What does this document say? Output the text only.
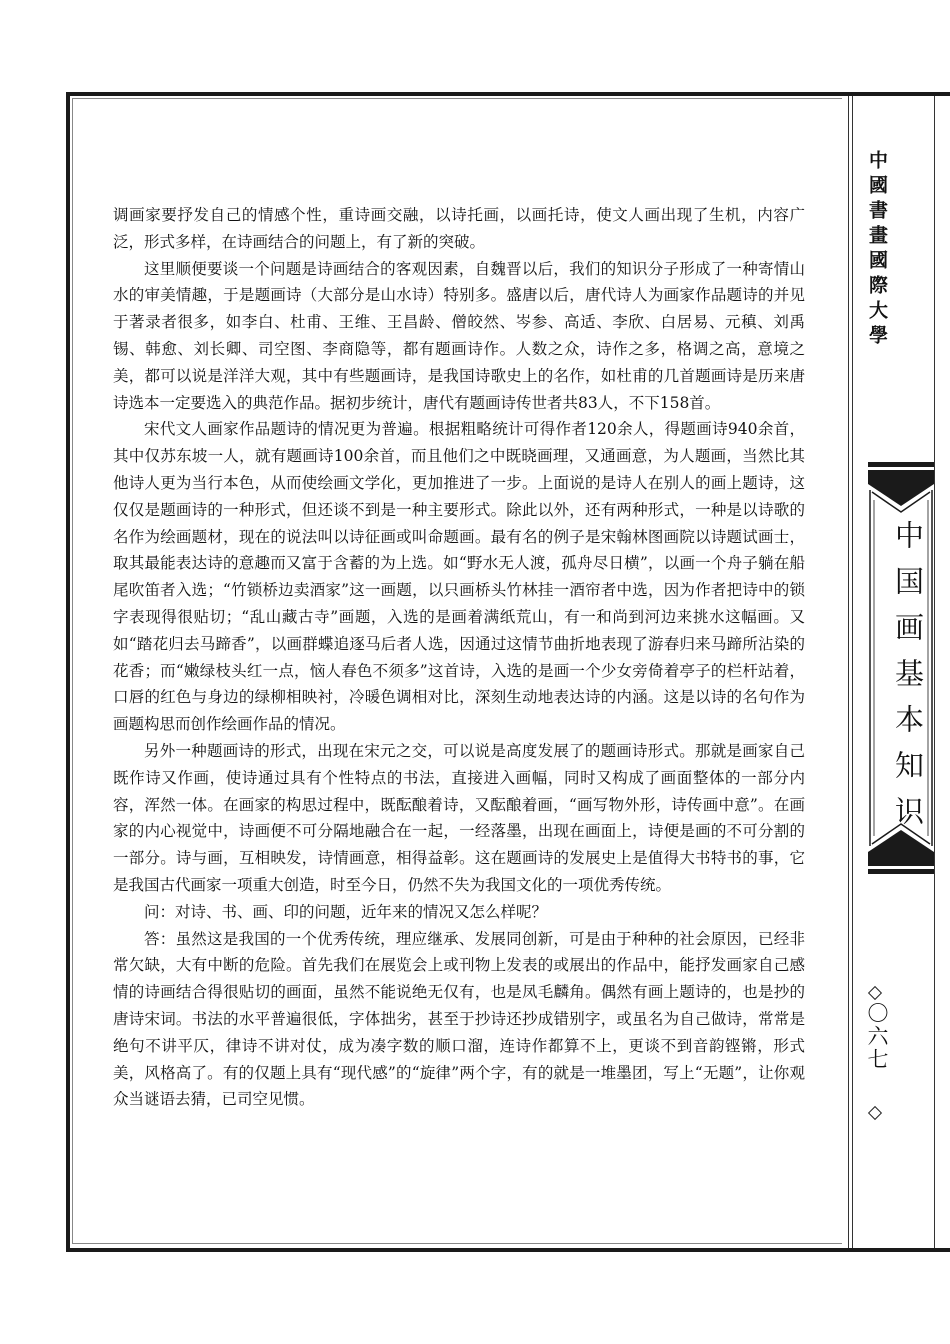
中國書畫國際大學
中国画基本知识
〇六七

调画家要抒发自己的情感个性，重诗画交融，以诗托画，以画托诗，使文人画出现了生机，内容广泛，形式多样，在诗画结合的问题上，有了新的突破。

这里顺便要谈一个问题是诗画结合的客观因素，自魏晋以后，我们的知识分子形成了一种寄情山水的审美情趣，于是题画诗（大部分是山水诗）特别多。盛唐以后，唐代诗人为画家作品题诗的并见于著录者很多，如李白、杜甫、王维、王昌龄、僧皎然、岑参、高适、李欣、白居易、元稹、刘禹锡、韩愈、刘长卿、司空图、李商隐等，都有题画诗作。人数之众，诗作之多，格调之高，意境之美，都可以说是洋洋大观，其中有些题画诗，是我国诗歌史上的名作，如杜甫的几首题画诗是历来唐诗选本一定要选入的典范作品。据初步统计，唐代有题画诗传世者共83人，不下158首。

宋代文人画家作品题诗的情况更为普遍。根据粗略统计可得作者120余人，得题画诗940余首，其中仅苏东坡一人，就有题画诗100余首，而且他们之中既晓画理，又通画意，为人题画，当然比其他诗人更为当行本色，从而使绘画文学化，更加推进了一步。上面说的是诗人在别人的画上题诗，这仅仅是题画诗的一种形式，但还谈不到是一种主要形式。除此以外，还有两种形式，一种是以诗歌的名作为绘画题材，现在的说法叫以诗征画或叫命题画。最有名的例子是宋翰林图画院以诗题试画士，取其最能表达诗的意趣而又富于含蓄的为上选。如“野水无人渡，孤舟尽日横”，以画一个舟子躺在船尾吹笛者入选；“竹锁桥边卖酒家”这一画题，以只画桥头竹林挂一酒帘者中选，因为作者把诗中的锁字表现得很贴切；“乱山藏古寺”画题，入选的是画着满纸荒山，有一和尚到河边来挑水这幅画。又如“踏花归去马蹄香”，以画群蝶追逐马后者人选，因通过这情节曲折地表现了游春归来马蹄所沾染的花香；而“嫩绿枝头红一点，恼人春色不须多”这首诗，入选的是画一个少女旁倚着亭子的栏杆站着，口唇的红色与身边的绿柳相映衬，冷暖色调相对比，深刻生动地表达诗的内涵。这是以诗的名句作为画题构思而创作绘画作品的情况。

另外一种题画诗的形式，出现在宋元之交，可以说是高度发展了的题画诗形式。那就是画家自己既作诗又作画，使诗通过具有个性特点的书法，直接进入画幅，同时又构成了画面整体的一部分内容，浑然一体。在画家的构思过程中，既酝酿着诗，又酝酿着画，“画写物外形，诗传画中意”。在画家的内心视觉中，诗画便不可分隔地融合在一起，一经落墨，出现在画面上，诗便是画的不可分割的一部分。诗与画，互相映发，诗情画意，相得益彰。这在题画诗的发展史上是值得大书特书的事，它是我国古代画家一项重大创造，时至今日，仍然不失为我国文化的一项优秀传统。

问：对诗、书、画、印的问题，近年来的情况又怎么样呢？

答：虽然这是我国的一个优秀传统，理应继承、发展同创新，可是由于种种的社会原因，已经非常欠缺，大有中断的危险。首先我们在展览会上或刊物上发表的或展出的作品中，能抒发画家自己感情的诗画结合得很贴切的画面，虽然不能说绝无仅有，也是凤毛麟角。偶然有画上题诗的，也是抄的唐诗宋词。书法的水平普遍很低，字体拙劣，甚至于抄诗还抄成错别字，或虽名为自己做诗，常常是绝句不讲平仄，律诗不讲对仗，成为凑字数的顺口溜，连诗作都算不上，更谈不到音韵铿锵，形式美，风格高了。有的仅题上具有“现代感”的“旋律”两个字，有的就是一堆墨团，写上“无题”，让你观众当谜语去猜，已司空见惯。
